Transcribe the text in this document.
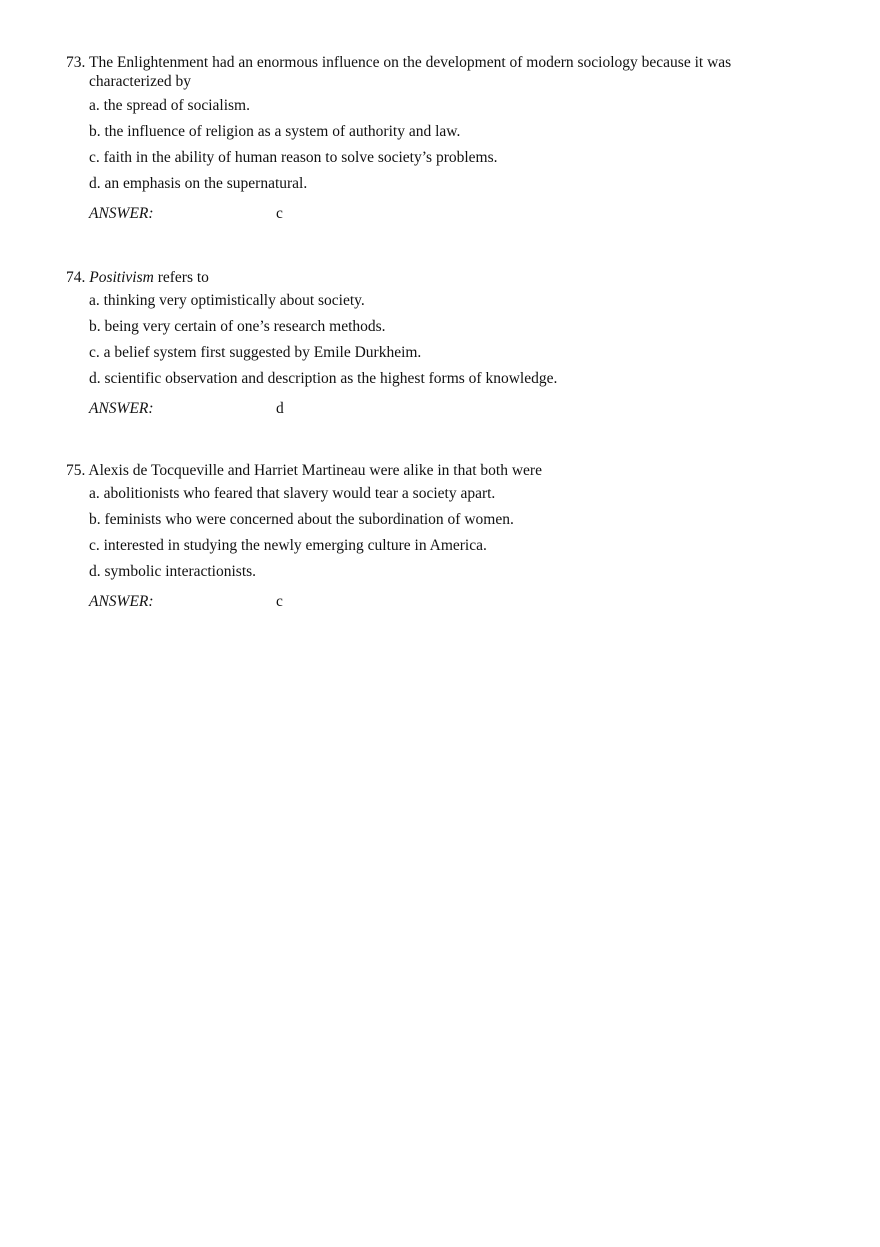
73. The Enlightenment had an enormous influence on the development of modern sociology because it was characterized by

a. the spread of socialism.
b. the influence of religion as a system of authority and law.
c. faith in the ability of human reason to solve society’s problems.
d. an emphasis on the supernatural.
ANSWER:	c

74. Positivism refers to

a. thinking very optimistically about society.
b. being very certain of one’s research methods.
c. a belief system first suggested by Emile Durkheim.
d. scientific observation and description as the highest forms of knowledge.
ANSWER:	d

75. Alexis de Tocqueville and Harriet Martineau were alike in that both were

a. abolitionists who feared that slavery would tear a society apart.
b. feminists who were concerned about the subordination of women.
c. interested in studying the newly emerging culture in America.
d. symbolic interactionists.
ANSWER:	c
